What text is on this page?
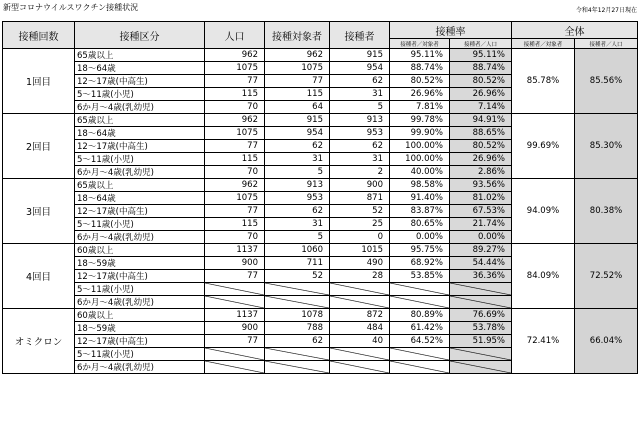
新型コロナウイルスワクチン接種状況	令和4年12月27日現在
接種回数	接種区分	人口	接種対象者	接種者	接種率		全体	
					接種者／対象者	接種者／人口	接種者／対象者	接種者／人口
1回目	65歳以上	962	962	915	95.11%	95.11%	85.78%	85.56%
	18～64歳	1075	1075	954	88.74%	88.74%		
	12～17歳(中高生)	77	77	62	80.52%	80.52%		
	5～11歳(小児)	115	115	31	26.96%	26.96%		
	6か月～4歳(乳幼児)	70	64	5	7.81%	7.14%		
2回目	65歳以上	962	915	913	99.78%	94.91%	99.69%	85.30%
	18～64歳	1075	954	953	99.90%	88.65%		
	12～17歳(中高生)	77	62	62	100.00%	80.52%		
	5～11歳(小児)	115	31	31	100.00%	26.96%		
	6か月～4歳(乳幼児)	70	5	2	40.00%	2.86%		
3回目	65歳以上	962	913	900	98.58%	93.56%	94.09%	80.38%
	18～64歳	1075	953	871	91.40%	81.02%		
	12～17歳(中高生)	77	62	52	83.87%	67.53%		
	5～11歳(小児)	115	31	25	80.65%	21.74%		
	6か月～4歳(乳幼児)	70	5	0	0.00%	0.00%		
4回目	60歳以上	1137	1060	1015	95.75%	89.27%	84.09%	72.52%
	18～59歳	900	711	490	68.92%	54.44%		
	12～17歳(中高生)	77	52	28	53.85%	36.36%		
	5～11歳(小児)							
	6か月～4歳(乳幼児)							
オミクロン	60歳以上	1137	1078	872	80.89%	76.69%	72.41%	66.04%
	18～59歳	900	788	484	61.42%	53.78%		
	12～17歳(中高生)	77	62	40	64.52%	51.95%		
	5～11歳(小児)							
	6か月～4歳(乳幼児)							
